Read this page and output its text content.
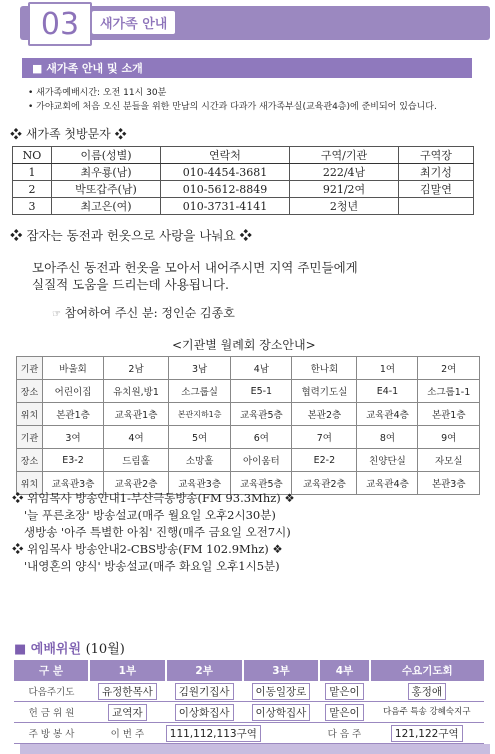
03	새가족 안내
■ 새가족 안내 및 소개
• 새가족예배시간: 오전 11시 30분
• 가야교회에 처음 오신 분들을 위한 만남의 시간과 다과가 새가족부실(교육관4층)에 준비되어 있습니다.
❖ 새가족 첫방문자 ❖
NO	이름(성별)	연락처	구역/기관	구역장
1	최우룡(남)	010-4454-3681	222/4남	최기성
2	박또갑주(남)	010-5612-8849	921/2여	김말연
3	최고은(여)	010-3731-4141	2청년	
❖ 잠자는 동전과 헌옷으로 사랑을 나눠요 ❖
모아주신 동전과 헌옷을 모아서 내어주시면 지역 주민들에게
실질적 도움을 드리는데 사용됩니다.
☞ 참여하여 주신 분: 정인순 김종호
<기관별 월례회 장소안내>
기관	바울회	2남	3남	4남	한나회	1여	2여
장소	어린이집	유치원,방1	소그룹실	E5-1	협력기도실	E4-1	소그룹1-1
위치	본관1층	교육관1층	본관지하1층	교육관5층	본관2층	교육관4층	본관1층
기관	3여	4여	5여	6여	7여	8여	9여
장소	E3-2	드림홀	소망홀	아이움터	E2-2	친양단실	자모실
위치	교육관3층	교육관2층	교육관3층	교육관5층	교육관2층	교육관4층	본관3층
❖ 위임목사 방송안내1-부산극동방송(FM 93.3Mhz) ❖
'늘 푸른초장' 방송설교(매주 월요일 오후2시30분)
생방송 '아주 특별한 아침' 진행(매주 금요일 오전7시)
❖ 위임목사 방송안내2-CBS방송(FM 102.9Mhz) ❖
'내영혼의 양식' 방송설교(매주 화요일 오후1시5분)
■ 예배위원 (10월)
구 분	1부	2부	3부	4부	수요기도회
다음주기도	유정한목사	김원기집사	이동일장로	맡은이	홍정애
헌 금 위 원	교역자	이상화집사	이상학집사	맡은이	다음주 특송 강혜숙지구
주 방 봉 사	이 번 주	111,112,113구역		다 음 주	121,122구역
